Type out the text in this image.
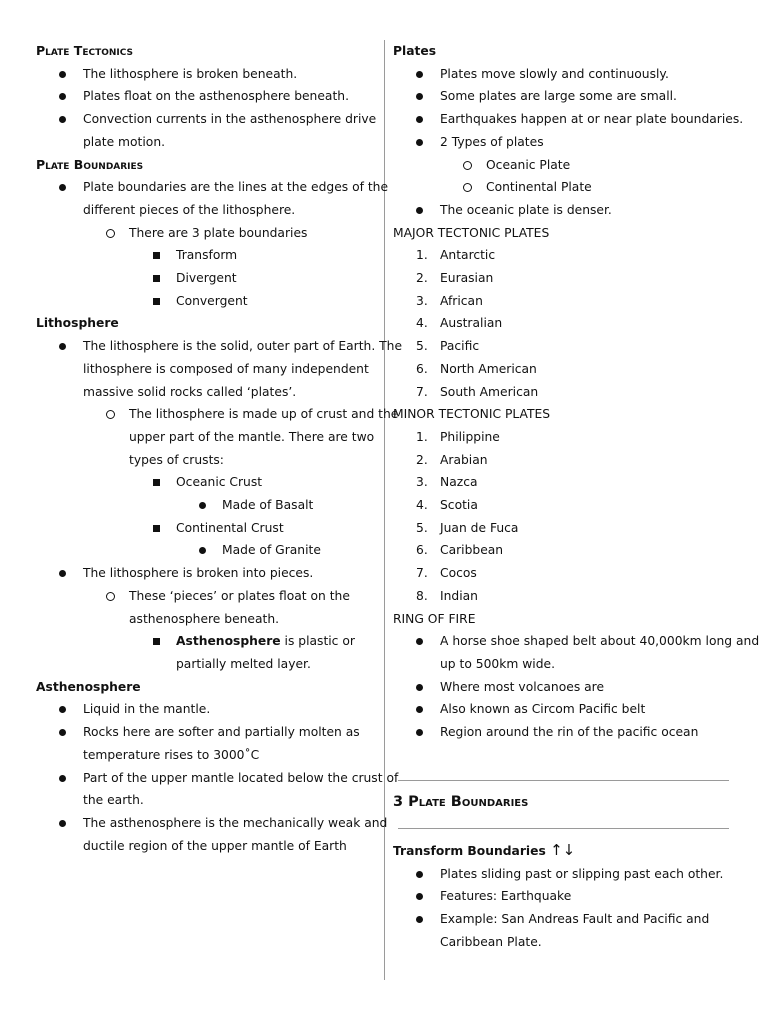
Plate Tectonics
The lithosphere is broken beneath.
Plates float on the asthenosphere beneath.
Convection currents in the asthenosphere drive
plate motion.
Plate Boundaries
Plate boundaries are the lines at the edges of the
different pieces of the lithosphere.
There are 3 plate boundaries
Transform
Divergent
Convergent
Lithosphere
The lithosphere is the solid, outer part of Earth. The
lithosphere is composed of many independent
massive solid rocks called ‘plates’.
The lithosphere is made up of crust and the
upper part of the mantle. There are two
types of crusts:
Oceanic Crust
Made of Basalt
Continental Crust
Made of Granite
The lithosphere is broken into pieces.
These ‘pieces’ or plates float on the
asthenosphere beneath.
Asthenosphere is plastic or
partially melted layer.
Asthenosphere
Liquid in the mantle.
Rocks here are softer and partially molten as
temperature rises to 3000˚C
Part of the upper mantle located below the crust of
the earth.
The asthenosphere is the mechanically weak and
ductile region of the upper mantle of Earth
Plates
Plates move slowly and continuously.
Some plates are large some are small.
Earthquakes happen at or near plate boundaries.
2 Types of plates
Oceanic Plate
Continental Plate
The oceanic plate is denser.
MAJOR TECTONIC PLATES
1. Antarctic
2. Eurasian
3. African
4. Australian
5. Pacific
6. North American
7. South American
MINOR TECTONIC PLATES
1. Philippine
2. Arabian
3. Nazca
4. Scotia
5. Juan de Fuca
6. Caribbean
7. Cocos
8. Indian
RING OF FIRE
A horse shoe shaped belt about 40,000km long and
up to 500km wide.
Where most volcanoes are
Also known as Circom Pacific belt
Region around the rin of the pacific ocean
3 Plate Boundaries
Transform Boundaries ↑↓
Plates sliding past or slipping past each other.
Features: Earthquake
Example: San Andreas Fault and Pacific and
Caribbean Plate.
